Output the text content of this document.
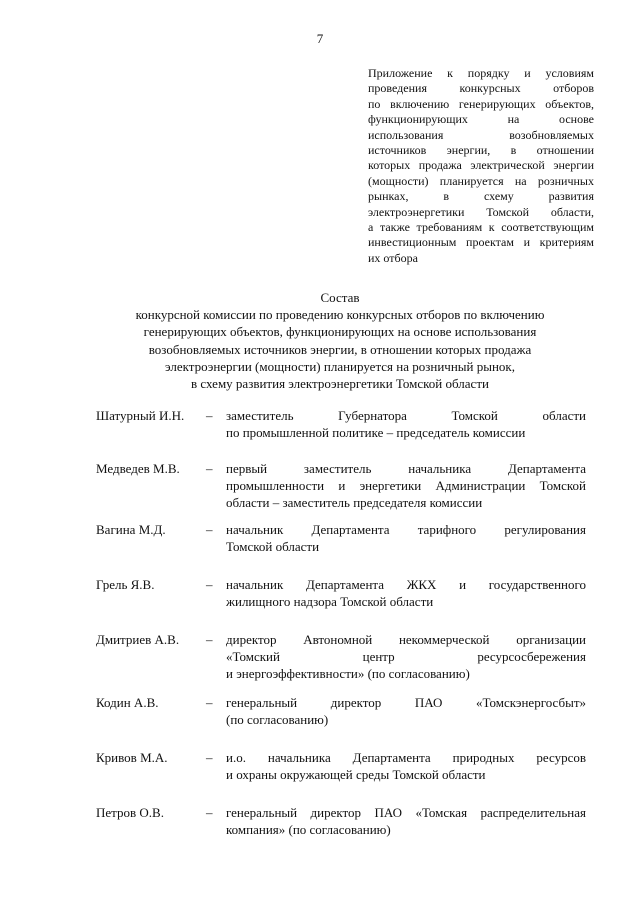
7
Приложение к порядку и условиям
проведения конкурсных отборов
по включению генерирующих объектов,
функционирующих на основе
использования возобновляемых
источников энергии, в отношении
которых продажа электрической энергии
(мощности) планируется на розничных
рынках, в схему развития
электроэнергетики Томской области,
а также требованиям к соответствующим
инвестиционным проектам и критериям
их отбора
Состав
конкурсной комиссии по проведению конкурсных отборов по включению
генерирующих объектов, функционирующих на основе использования
возобновляемых источников энергии, в отношении которых продажа
электроэнергии (мощности) планируется на розничный рынок,
в схему развития электроэнергетики Томской области
Шатурный И.Н. – заместитель Губернатора Томской области
по промышленной политике – председатель комиссии
Медведев М.В. – первый заместитель начальника Департамента
промышленности и энергетики Администрации Томской
области – заместитель председателя комиссии
Вагина М.Д.	– начальник Департамента тарифного регулирования
Томской области
Грель Я.В.	– начальник Департамента ЖКХ и государственного
жилищного надзора Томской области
Дмитриев А.В. – директор Автономной некоммерческой организации
«Томский центр ресурсосбережения
и энергоэффективности» (по согласованию)
Кодин А.В.	– генеральный директор ПАО «Томскэнергосбыт»
(по согласованию)
Кривов М.А.	– и.о. начальника Департамента природных ресурсов
и охраны окружающей среды Томской области
Петров О.В.	– генеральный директор ПАО «Томская распределительная
компания» (по согласованию)
